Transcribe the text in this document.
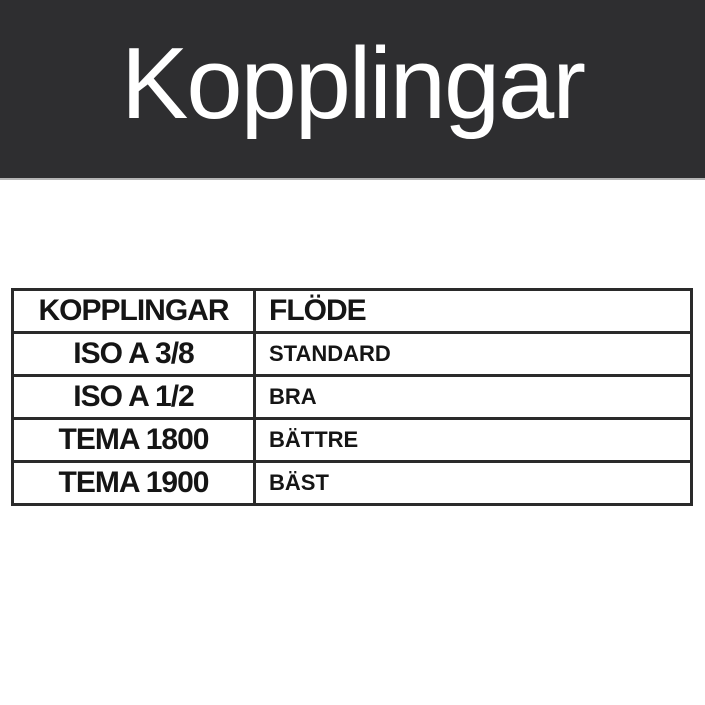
Kopplingar
KOPPLINGAR	FLÖDE
ISO A 3/8	STANDARD
ISO A 1/2	BRA
TEMA 1800	BÄTTRE
TEMA 1900	BÄST
